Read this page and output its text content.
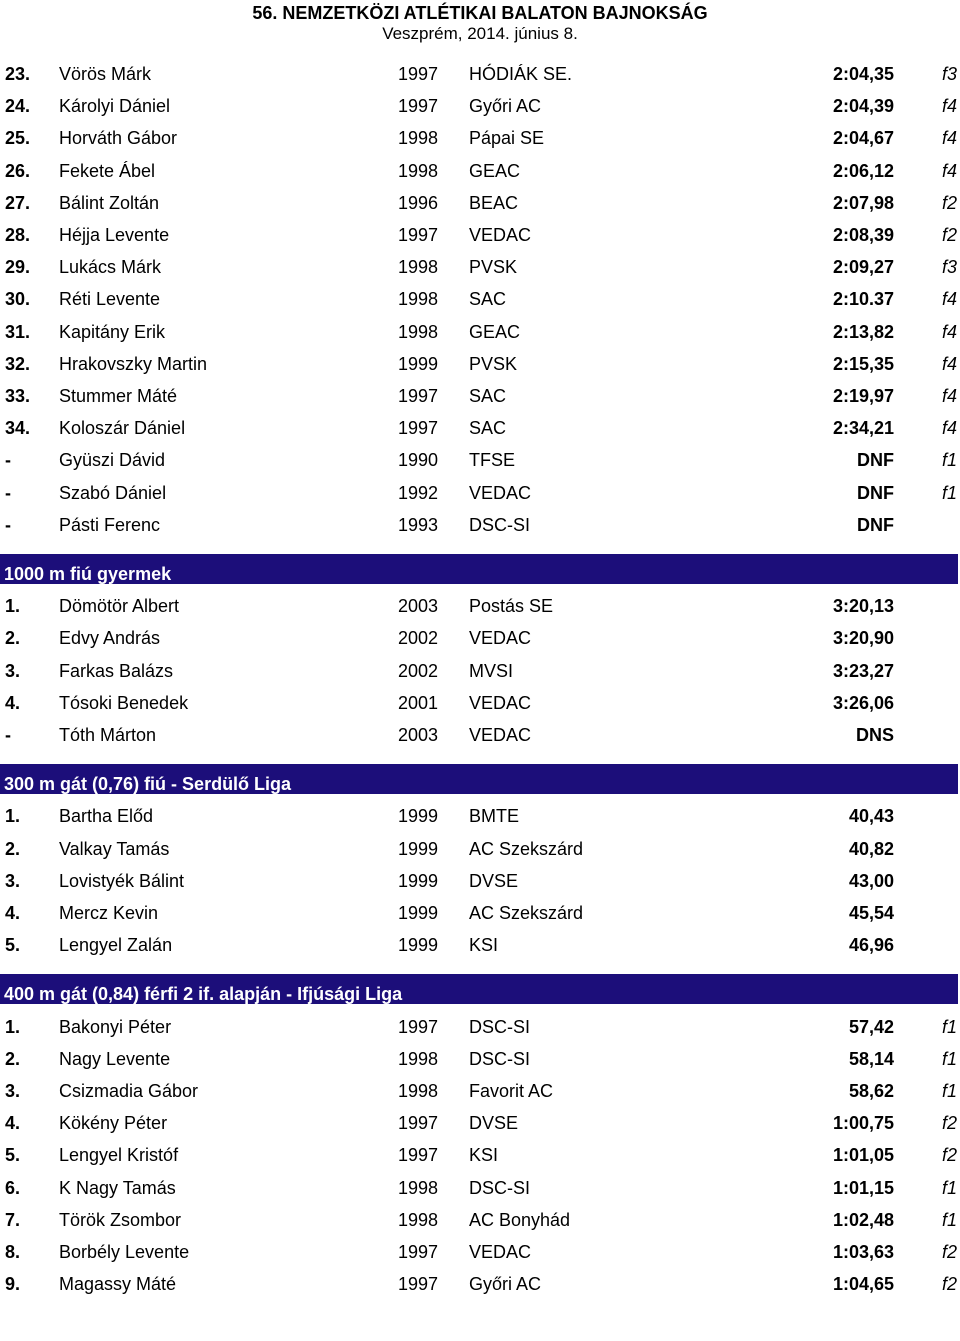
56. NEMZETKÖZI ATLÉTIKAI BALATON BAJNOKSÁG
Veszprém, 2014. június 8.
23. Vörös Márk	1997 HÓDIÁK SE.	2:04,35	f3
24. Károlyi Dániel	1997 Győri AC	2:04,39	f4
25. Horváth Gábor	1998 Pápai SE	2:04,67	f4
26. Fekete Ábel	1998 GEAC	2:06,12	f4
27. Bálint Zoltán	1996 BEAC	2:07,98	f2
28. Héjja Levente	1997 VEDAC	2:08,39	f2
29. Lukács Márk	1998 PVSK	2:09,27	f3
30. Réti Levente	1998 SAC	2:10.37	f4
31. Kapitány Erik	1998 GEAC	2:13,82	f4
32. Hrakovszky Martin	1999 PVSK	2:15,35	f4
33. Stummer Máté	1997 SAC	2:19,97	f4
34. Koloszár Dániel	1997 SAC	2:34,21	f4
-	Gyüszi Dávid	1990 TFSE	DNF	f1
-	Szabó Dániel	1992 VEDAC	DNF	f1
-	Pásti Ferenc	1993 DSC-SI	DNF
1000 m fiú gyermek
1. Dömötör Albert	2003 Postás SE	3:20,13
2. Edvy András	2002 VEDAC	3:20,90
3. Farkas Balázs	2002 MVSI	3:23,27
4. Tósoki Benedek	2001 VEDAC	3:26,06
-	Tóth Márton	2003 VEDAC	DNS
300 m gát (0,76) fiú - Serdülő Liga
1. Bartha Előd	1999 BMTE	40,43
2. Valkay Tamás	1999 AC Szekszárd	40,82
3. Lovistyék Bálint	1999 DVSE	43,00
4. Mercz Kevin	1999 AC Szekszárd	45,54
5. Lengyel Zalán	1999 KSI	46,96
400 m gát (0,84) férfi 2 if. alapján - Ifjúsági Liga
1. Bakonyi Péter	1997 DSC-SI	57,42	f1
2. Nagy Levente	1998 DSC-SI	58,14	f1
3. Csizmadia Gábor	1998 Favorit AC	58,62	f1
4. Kökény Péter	1997 DVSE	1:00,75	f2
5. Lengyel Kristóf	1997 KSI	1:01,05	f2
6. K Nagy Tamás	1998 DSC-SI	1:01,15	f1
7. Török Zsombor	1998 AC Bonyhád	1:02,48	f1
8. Borbély Levente	1997 VEDAC	1:03,63	f2
9. Magassy Máté	1997 Győri AC	1:04,65	f2
